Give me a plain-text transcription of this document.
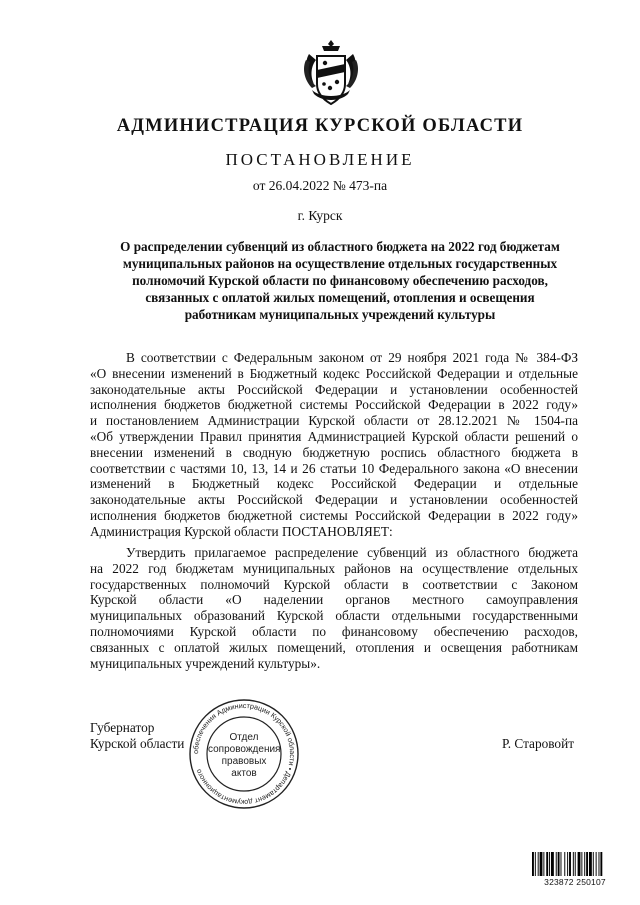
АДМИНИСТРАЦИЯ КУРСКОЙ ОБЛАСТИ
ПОСТАНОВЛЕНИЕ
от 26.04.2022 № 473-па
г. Курск
О распределении субвенций из областного бюджета на 2022 год бюджетам
муниципальных районов на осуществление отдельных государственных
полномочий Курской области по финансовому обеспечению расходов,
связанных с оплатой жилых помещений, отопления и освещения
работникам муниципальных учреждений культуры
В соответствии с Федеральным законом от 29 ноября 2021 года № 384-ФЗ
«О внесении изменений в Бюджетный кодекс Российской Федерации и отдельные
законодательные акты Российской Федерации и установлении особенностей
исполнения бюджетов бюджетной системы Российской Федерации в 2022 году»
и постановлением Администрации Курской области от 28.12.2021 № 1504-па
«Об утверждении Правил принятия Администрацией Курской области решений о
внесении изменений в сводную бюджетную роспись областного бюджета в
соответствии с частями 10, 13, 14 и 26 статьи 10 Федерального закона «О внесении
изменений в Бюджетный кодекс Российской Федерации и отдельные
законодательные акты Российской Федерации и установлении особенностей
исполнения бюджетов бюджетной системы Российской Федерации в 2022 году»
Администрация Курской области ПОСТАНОВЛЯЕТ:
Утвердить прилагаемое распределение субвенций из областного бюджета
на 2022 год бюджетам муниципальных районов на осуществление отдельных
государственных полномочий Курской области в соответствии с Законом
Курской области «О наделении органов местного самоуправления
муниципальных образований Курской области отдельными государственными
полномочиями Курской области по финансовому обеспечению расходов,
связанных с оплатой жилых помещений, отопления и освещения работникам
муниципальных учреждений культуры».
Губернатор
Курской области	Р. Старовойт
обеспечения Администрации Курской области • Департамент документационного
Отдел
сопровождения
правовых
актов
323872 250107
